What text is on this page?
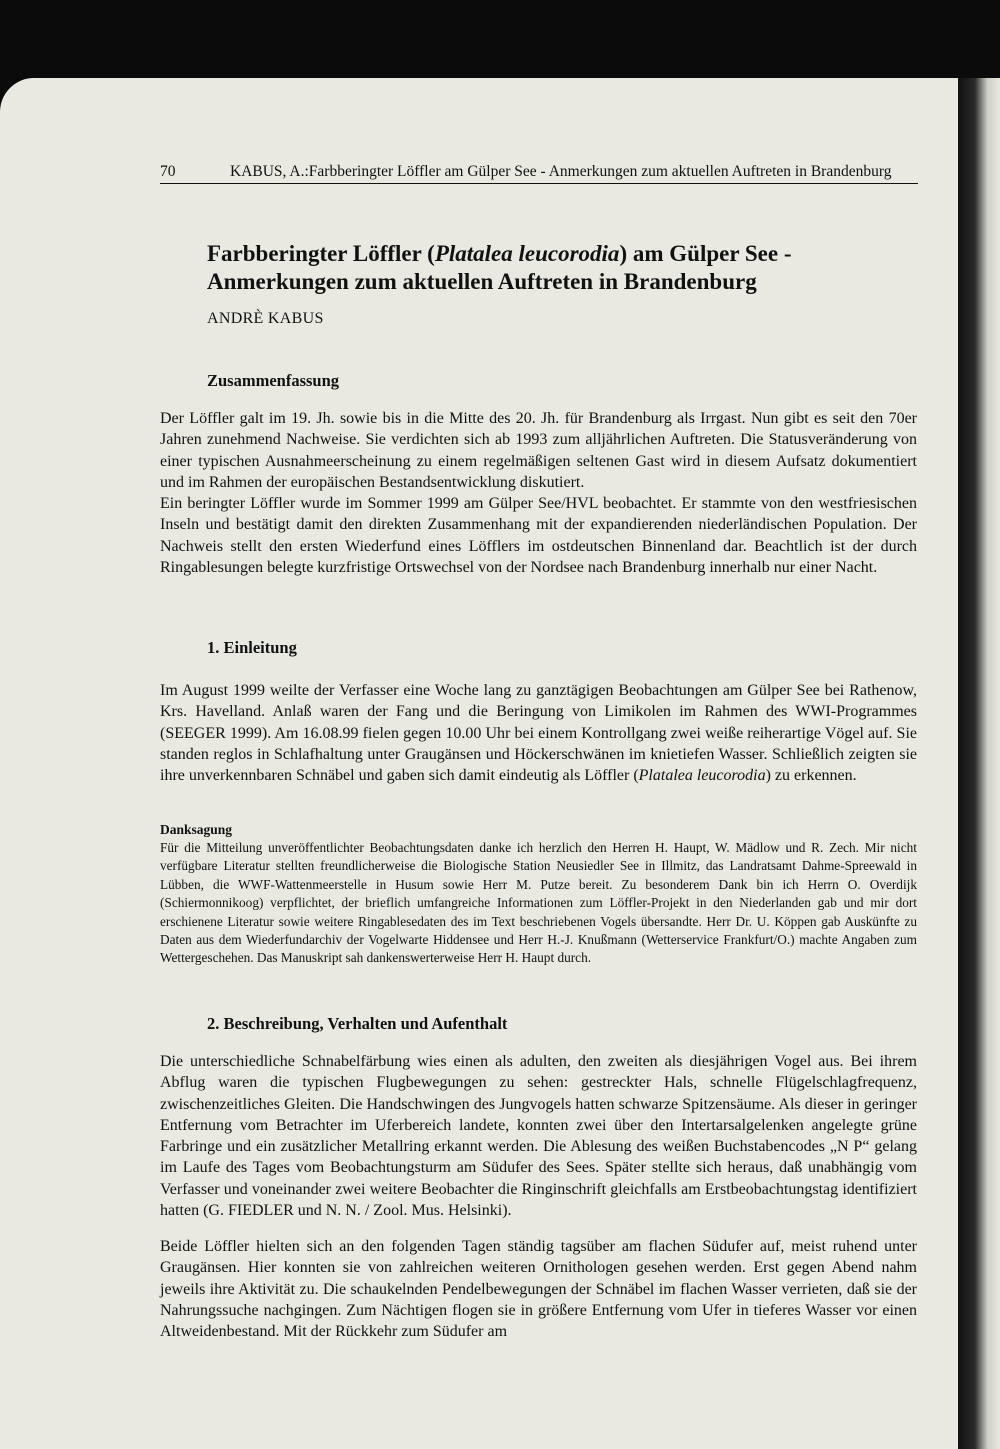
70	KABUS, A.:Farbberingter Löffler am Gülper See - Anmerkungen zum aktuellen Auftreten in Brandenburg
Farbberingter Löffler (Platalea leucorodia) am Gülper See - Anmerkungen zum aktuellen Auftreten in Brandenburg
ANDRÈ KABUS
Zusammenfassung

Der Löffler galt im 19. Jh. sowie bis in die Mitte des 20. Jh. für Brandenburg als Irrgast. Nun gibt es seit den 70er Jahren zunehmend Nachweise. Sie verdichten sich ab 1993 zum alljährlichen Auftreten. Die Statusveränderung von einer typischen Ausnahmeerscheinung zu einem regelmäßigen seltenen Gast wird in diesem Aufsatz dokumentiert und im Rahmen der europäischen Bestandsentwicklung diskutiert.

Ein beringter Löffler wurde im Sommer 1999 am Gülper See/HVL beobachtet. Er stammte von den westfriesischen Inseln und bestätigt damit den direkten Zusammenhang mit der expandierenden niederländischen Population. Der Nachweis stellt den ersten Wiederfund eines Löfflers im ostdeutschen Binnenland dar. Beachtlich ist der durch Ringablesungen belegte kurzfristige Ortswechsel von der Nordsee nach Brandenburg innerhalb nur einer Nacht.

1. Einleitung

Im August 1999 weilte der Verfasser eine Woche lang zu ganztägigen Beobachtungen am Gülper See bei Rathenow, Krs. Havelland. Anlaß waren der Fang und die Beringung von Limikolen im Rahmen des WWI-Programmes (SEEGER 1999). Am 16.08.99 fielen gegen 10.00 Uhr bei einem Kontrollgang zwei weiße reiherartige Vögel auf. Sie standen reglos in Schlafhaltung unter Graugänsen und Höckerschwänen im knietiefen Wasser. Schließlich zeigten sie ihre unverkennbaren Schnäbel und gaben sich damit eindeutig als Löffler (Platalea leucorodia) zu erkennen.

Danksagung

Für die Mitteilung unveröffentlichter Beobachtungsdaten danke ich herzlich den Herren H. Haupt, W. Mädlow und R. Zech. Mir nicht verfügbare Literatur stellten freundlicherweise die Biologische Station Neusiedler See in Illmitz, das Landratsamt Dahme-Spreewald in Lübben, die WWF-Wattenmeerstelle in Husum sowie Herr M. Putze bereit. Zu besonderem Dank bin ich Herrn O. Overdijk (Schiermonnikoog) verpflichtet, der brieflich umfangreiche Informationen zum Löffler-Projekt in den Niederlanden gab und mir dort erschienene Literatur sowie weitere Ringablesedaten des im Text beschriebenen Vogels übersandte. Herr Dr. U. Köppen gab Auskünfte zu Daten aus dem Wiederfundarchiv der Vogelwarte Hiddensee und Herr H.-J. Knußmann (Wetterservice Frankfurt/O.) machte Angaben zum Wettergeschehen. Das Manuskript sah dankenswerterweise Herr H. Haupt durch.

2. Beschreibung, Verhalten und Aufenthalt

Die unterschiedliche Schnabelfärbung wies einen als adulten, den zweiten als diesjährigen Vogel aus. Bei ihrem Abflug waren die typischen Flugbewegungen zu sehen: gestreckter Hals, schnelle Flügelschlagfrequenz, zwischenzeitliches Gleiten. Die Handschwingen des Jungvogels hatten schwarze Spitzensäume. Als dieser in geringer Entfernung vom Betrachter im Uferbereich landete, konnten zwei über den Intertarsalgelenken angelegte grüne Farbringe und ein zusätzlicher Metallring erkannt werden. Die Ablesung des weißen Buchstabencodes „N P“ gelang im Laufe des Tages vom Beobachtungsturm am Südufer des Sees. Später stellte sich heraus, daß unabhängig vom Verfasser und voneinander zwei weitere Beobachter die Ringinschrift gleichfalls am Erstbeobachtungstag identifiziert hatten (G. FIEDLER und N. N. / Zool. Mus. Helsinki).

Beide Löffler hielten sich an den folgenden Tagen ständig tagsüber am flachen Südufer auf, meist ruhend unter Graugänsen. Hier konnten sie von zahlreichen weiteren Ornithologen gesehen werden. Erst gegen Abend nahm jeweils ihre Aktivität zu. Die schaukelnden Pendelbewegungen der Schnäbel im flachen Wasser verrieten, daß sie der Nahrungssuche nachgingen. Zum Nächtigen flogen sie in größere Entfernung vom Ufer in tieferes Wasser vor einen Altweidenbestand. Mit der Rückkehr zum Südufer am
